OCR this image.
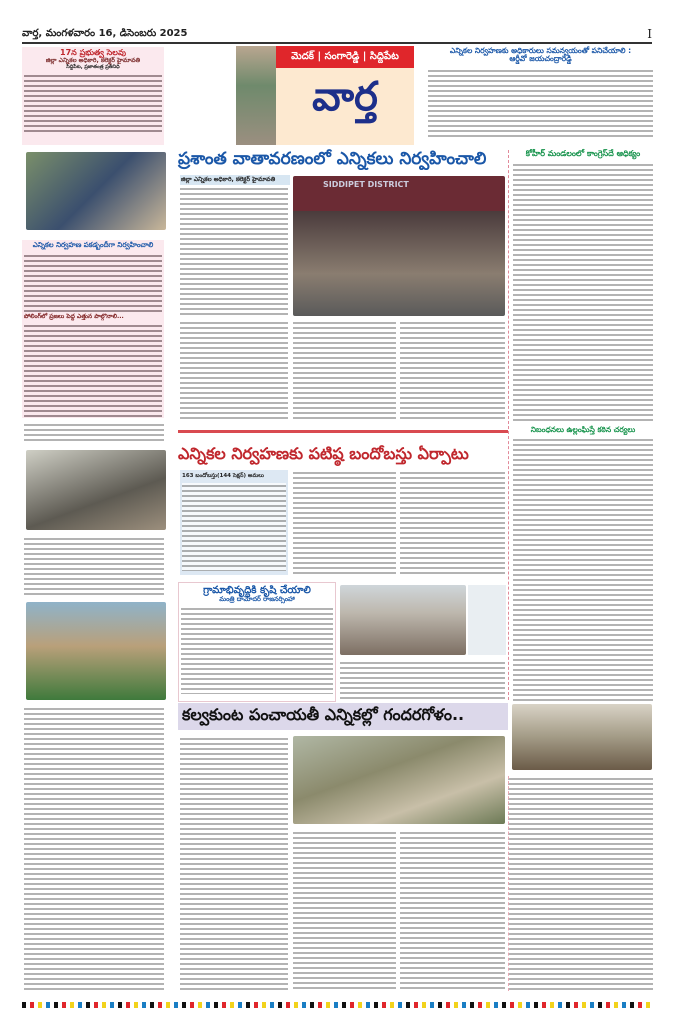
వార్త, మంగళవారం 16, డిసెంబరు 2025	I
17న ప్రభుత్వ సెలవు
జిల్లా ఎన్నికల అధికారి, కలెక్టర్ హైమావతి
సిద్దిపేట, ప్రజాతంత్ర ప్రతినిధి
ఎన్నికల నిర్వహణ పకడ్బందీగా నిర్వహించాలి
పోలింగ్‌లో ప్రజలు పెద్ద ఎత్తున పాల్గొనాలి...
మెదక్ | సంగారెడ్డి | సిద్దిపేట
వార్త
ఎన్నికల నిర్వహణకు అధికారులు సమన్వయంతో పనిచేయాలి : ఆర్డీవో జయచంద్రారెడ్డి
ప్రశాంత వాతావరణంలో ఎన్నికలు నిర్వహించాలి
జిల్లా ఎన్నికల అధికారి, కలెక్టర్ హైమావతి
SIDDIPET DISTRICT
కోహీర్ మండలంలో కాంగ్రెస్‌దే ఆధిక్యం
నిబంధనలు ఉల్లంఘిస్తే కఠిన చర్యలు
ఎన్నికల నిర్వహణకు పటిష్ఠ బందోబస్తు ఏర్పాటు
163 బందోబస్తు(144 సెక్షన్) అమలు
గ్రామాభివృద్ధికి కృషి చేయాలి
మంత్రి దామోదర్ రాజనర్సింహా
కల్వకుంట పంచాయతీ ఎన్నికల్లో గందరగోళం..
